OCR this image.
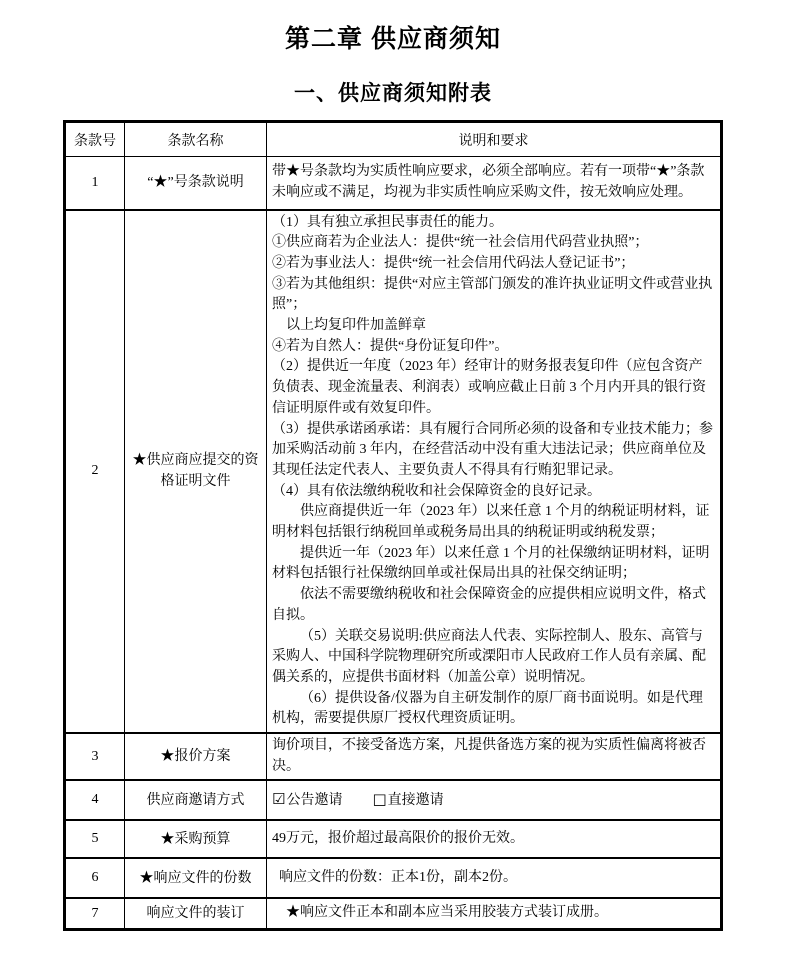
第二章 供应商须知
一、供应商须知附表
条款号	条款名称	说明和要求
1	“★”号条款说明	带★号条款均为实质性响应要求，必须全部响应。若有一项带“★”条款未响应或不满足，均视为非实质性响应采购文件，按无效响应处理。

2	★供应商应提交的资格证明文件	

（1）具有独立承担民事责任的能力。

①供应商若为企业法人：提供“统一社会信用代码营业执照”；

②若为事业法人：提供“统一社会信用代码法人登记证书”；

③若为其他组织：提供“对应主管部门颁发的准许执业证明文件或营业执照”；

以上均复印件加盖鲜章

④若为自然人：提供“身份证复印件”。

（2）提供近一年度（2023 年）经审计的财务报表复印件（应包含资产负债表、现金流量表、利润表）或响应截止日前 3 个月内开具的银行资信证明原件或有效复印件。

（3）提供承诺函承诺：具有履行合同所必须的设备和专业技术能力；参加采购活动前 3 年内，在经营活动中没有重大违法记录；供应商单位及其现任法定代表人、主要负责人不得具有行贿犯罪记录。

（4）具有依法缴纳税收和社会保障资金的良好记录。

供应商提供近一年（2023 年）以来任意 1 个月的纳税证明材料，证明材料包括银行纳税回单或税务局出具的纳税证明或纳税发票；

提供近一年（2023 年）以来任意 1 个月的社保缴纳证明材料，证明材料包括银行社保缴纳回单或社保局出具的社保交纳证明；

依法不需要缴纳税收和社会保障资金的应提供相应说明文件，格式自拟。

（5）关联交易说明:供应商法人代表、实际控制人、股东、高管与采购人、中国科学院物理研究所或溧阳市人民政府工作人员有亲属、配偶关系的，应提供书面材料（加盖公章）说明情况。

（6）提供设备/仪器为自主研发制作的原厂商书面说明。如是代理机构，需要提供原厂授权代理资质证明。

3	★报价方案	询价项目，不接受备选方案，凡提供备选方案的视为实质性偏离将被否决。

4	供应商邀请方式	☑公告邀请 □直接邀请

5	★采购预算	49万元，报价超过最高限价的报价无效。

6	★响应文件的份数	响应文件的份数：正本1份，副本2份。

7	响应文件的装订	★响应文件正本和副本应当采用胶装方式装订成册。
